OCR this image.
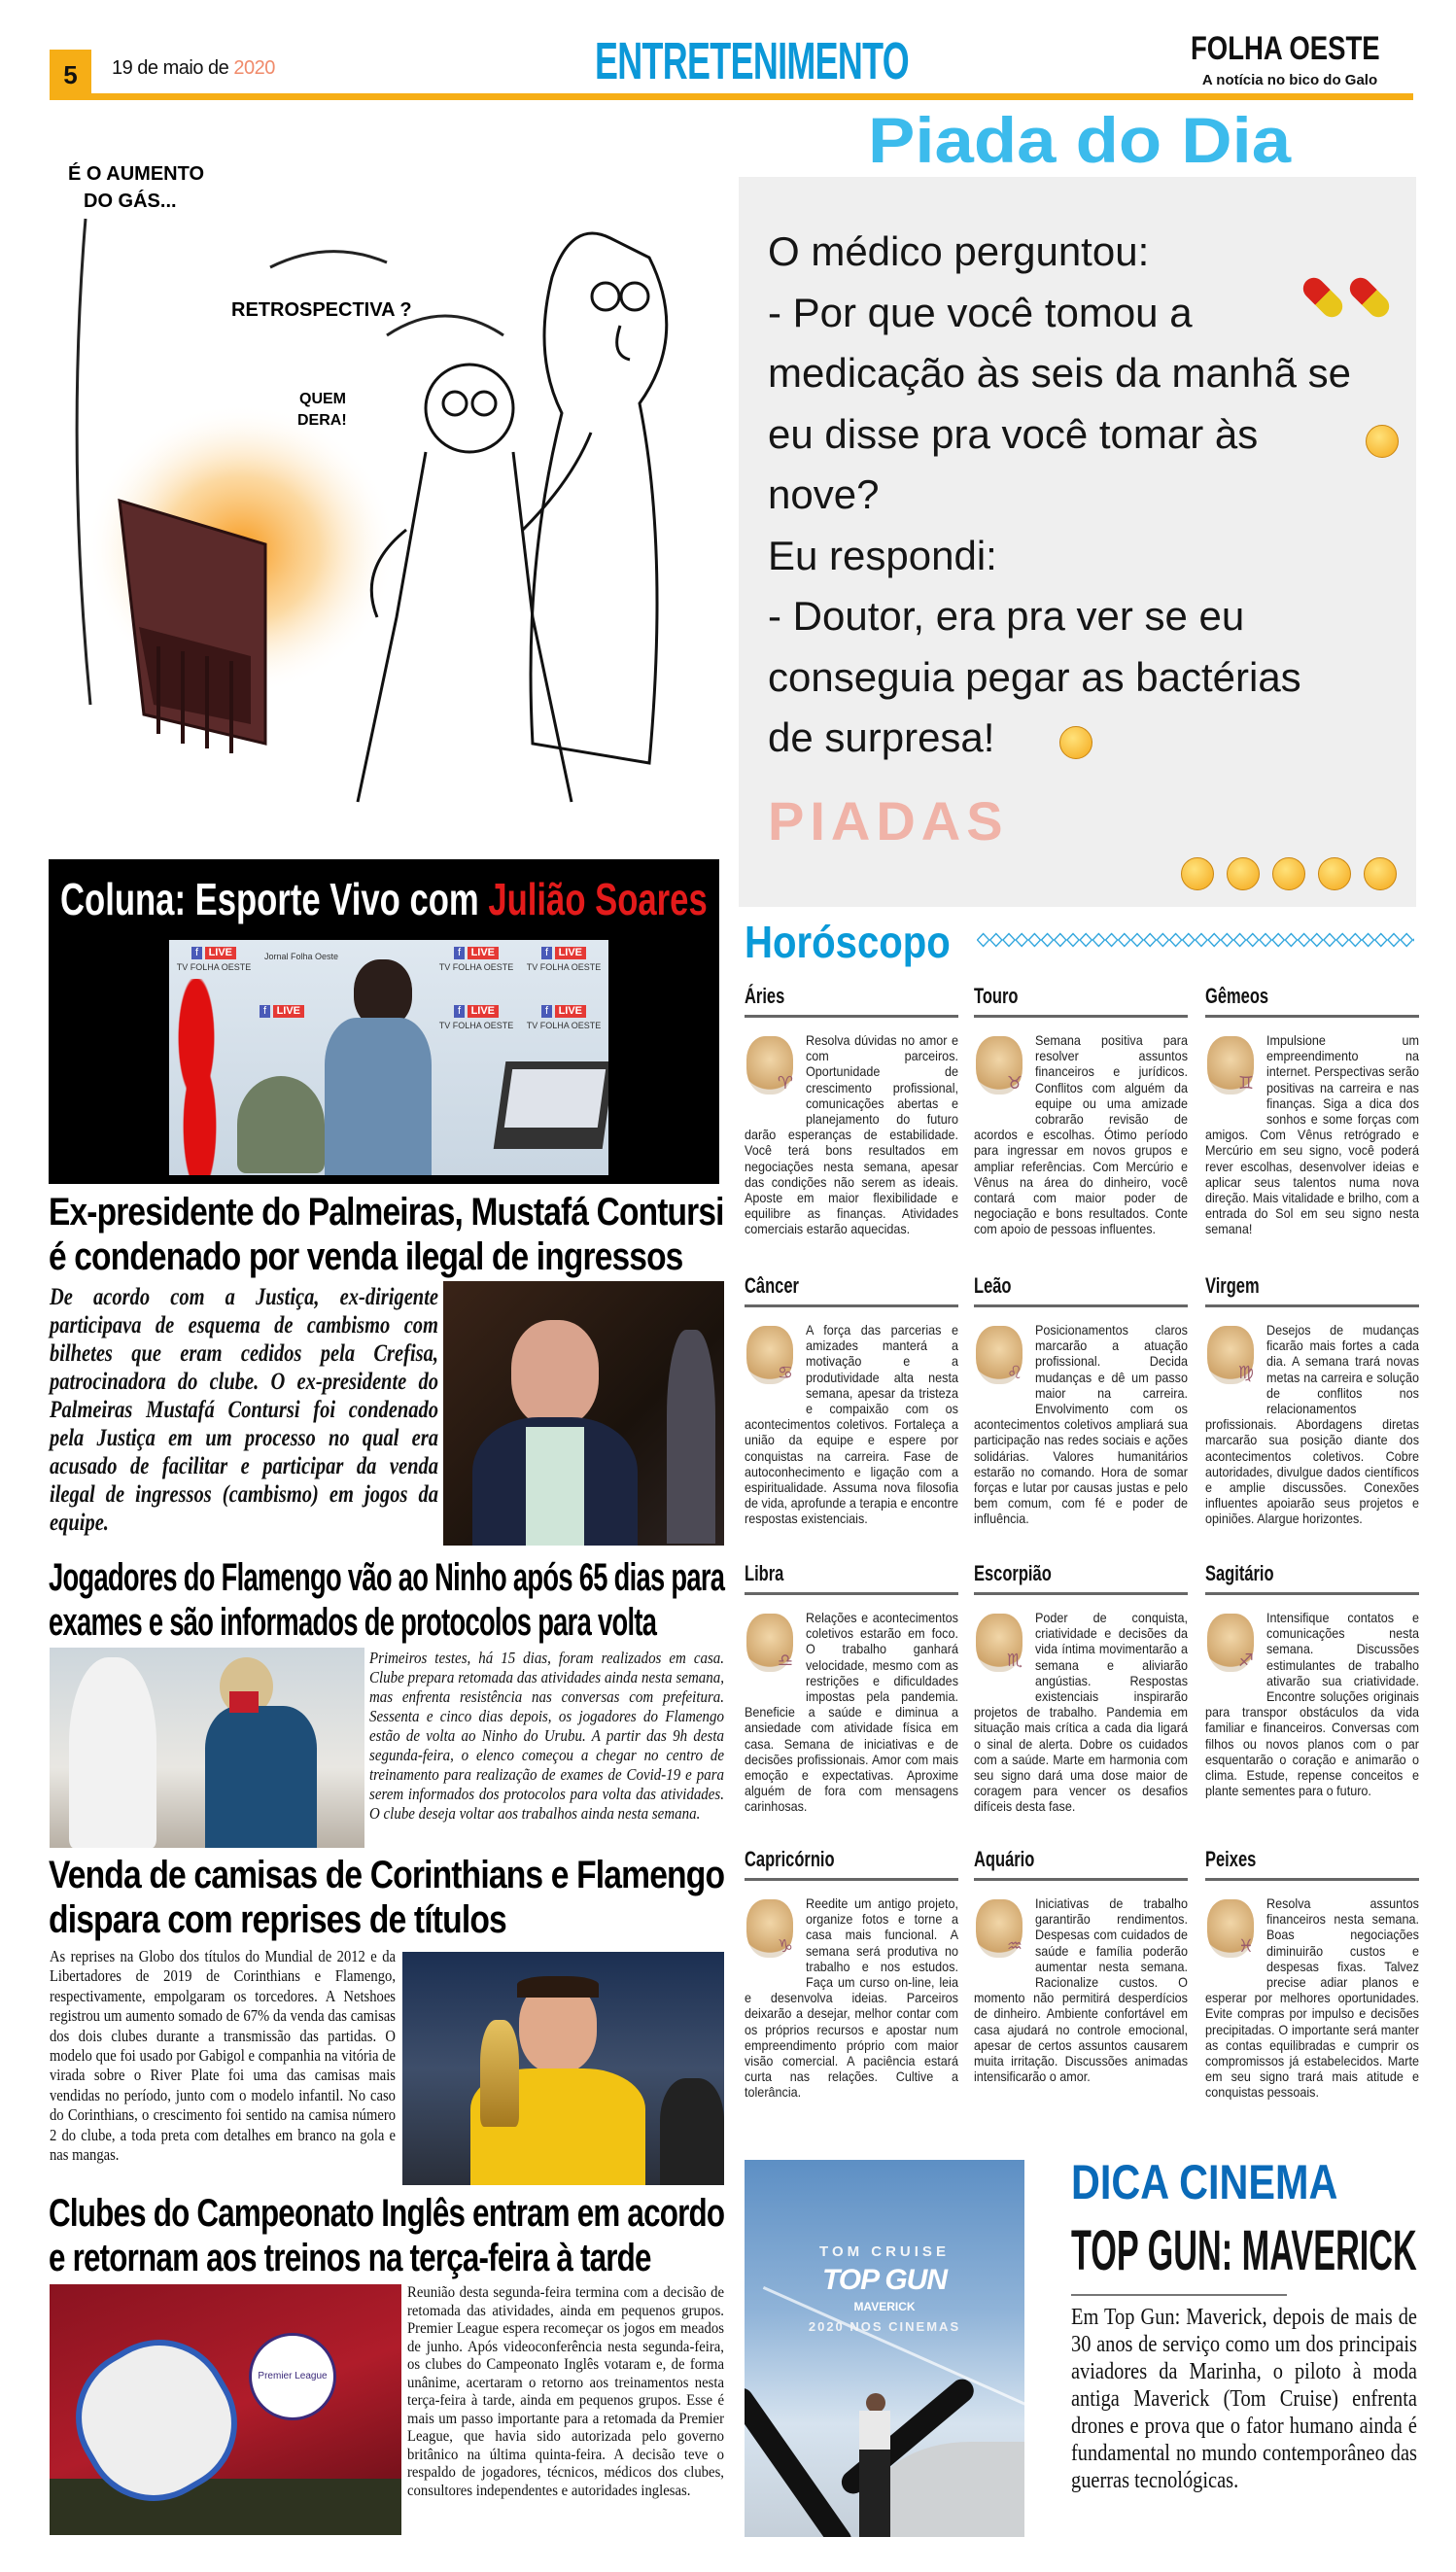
5	19 de maio de 2020	ENTRETENIMENTO	FOLHA OESTE
A notícia no bico do Galo
É O AUMENTO DO GÁS...
RETROSPECTIVA ?
QUEM DERA!
Piada do Dia
PIADAS
O médico perguntou:
- Por que você tomou a
medicação às seis da manhã se
eu disse pra você tomar às
nove?
Eu respondi:
- Doutor, era pra ver se eu
conseguia pegar as bactérias
de surpresa!
Coluna: Esporte Vivo com Julião Soares
f LIVE
TV FOLHA OESTE
Jornal Folha Oeste	f LIVE
TV FOLHA OESTE
f LIVE
TV FOLHA OESTE
f LIVE
TV FOLHA OESTE
f LIVE
TV FOLHA OESTE
f LIVE
Ex-presidente do Palmeiras, Mustafá Contursi
é condenado por venda ilegal de ingressos
De acordo com a Justiça, ex-dirigente participava de esquema de cambismo com bilhetes que eram cedidos pela Crefisa, patrocinadora do clube. O ex-presidente do Palmeiras Mustafá Contursi foi condenado pela Justiça em um processo no qual era acusado de facilitar e participar da venda ilegal de ingressos (cambismo) em jogos da equipe.
Jogadores do Flamengo vão ao Ninho após 65 dias para
exames e são informados de protocolos para volta
Primeiros testes, há 15 dias, foram realizados em casa. Clube prepara retomada das atividades ainda nesta semana, mas enfrenta resistência nas conversas com prefeitura. Sessenta e cinco dias depois, os jogadores do Flamengo estão de volta ao Ninho do Urubu. A partir das 9h desta segunda-feira, o elenco começou a chegar no centro de treinamento para realização de exames de Covid-19 e para serem informados dos protocolos para volta das atividades. O clube deseja voltar aos trabalhos ainda nesta semana.
Venda de camisas de Corinthians e Flamengo
dispara com reprises de títulos
As reprises na Globo dos títulos do Mundial de 2012 e da Libertadores de 2019 de Corinthians e Flamengo, respectivamente, empolgaram os torcedores. A Netshoes registrou um aumento somado de 67% da venda das camisas dos dois clubes durante a transmissão das partidas. O modelo que foi usado por Gabigol e companhia na vitória de virada sobre o River Plate foi uma das camisas mais vendidas no período, junto com o modelo infantil. No caso do Corinthians, o crescimento foi sentido na camisa número 2 do clube, a toda preta com detalhes em branco na gola e nas mangas.
Clubes do Campeonato Inglês entram em acordo
e retornam aos treinos na terça-feira à tarde
Premier League
Reunião desta segunda-feira termina com a decisão de retomada das atividades, ainda em pequenos grupos. Premier League espera recomeçar os jogos em meados de junho. Após videoconferência nesta segunda-feira, os clubes do Campeonato Inglês votaram e, de forma unânime, acertaram o retorno aos treinamentos nesta terça-feira à tarde, ainda em pequenos grupos. Esse é mais um passo importante para a retomada da Premier League, que havia sido autorizada pelo governo britânico na última quinta-feira. A decisão teve o respaldo de jogadores, técnicos, médicos dos clubes, consultores independentes e autoridades inglesas.
Horóscopo
Áries
♈
Resolva dúvidas no amor e com parceiros. Oportunidade de crescimento profissional, comunicações abertas e planejamento do futuro darão esperanças de estabilidade. Você terá bons resultados em negociações nesta semana, apesar das condições não serem as ideais. Aposte em maior flexibilidade e equilibre as finanças. Atividades comerciais estarão aquecidas.
Touro
♉
Semana positiva para resolver assuntos financeiros e jurídicos. Conflitos com alguém da equipe ou uma amizade cobrarão revisão de acordos e escolhas. Ótimo período para ingressar em novos grupos e ampliar referências. Com Mercúrio e Vênus na área do dinheiro, você contará com maior poder de negociação e bons resultados. Conte com apoio de pessoas influentes.
Gêmeos
♊
Impulsione um empreendimento na internet. Perspectivas serão positivas na carreira e nas finanças. Siga a dica dos sonhos e some forças com amigos. Com Vênus retrógrado e Mercúrio em seu signo, você poderá rever escolhas, desenvolver ideias e aplicar seus talentos numa nova direção. Mais vitalidade e brilho, com a entrada do Sol em seu signo nesta semana!
Câncer
♋
A força das parcerias e amizades manterá a motivação e a produtividade alta nesta semana, apesar da tristeza e compaixão com os acontecimentos coletivos. Fortaleça a união da equipe e espere por conquistas na carreira. Fase de autoconhecimento e ligação com a espiritualidade. Assuma nova filosofia de vida, aprofunde a terapia e encontre respostas existenciais.
Leão
♌
Posicionamentos claros marcarão a atuação profissional. Decida mudanças e dê um passo maior na carreira. Envolvimento com os acontecimentos coletivos ampliará sua participação nas redes sociais e ações solidárias. Valores humanitários estarão no comando. Hora de somar forças e lutar por causas justas e pelo bem comum, com fé e poder de influência.
Virgem
♍
Desejos de mudanças ficarão mais fortes a cada dia. A semana trará novas metas na carreira e solução de conflitos nos relacionamentos profissionais. Abordagens diretas marcarão sua posição diante dos acontecimentos coletivos. Cobre autoridades, divulgue dados científicos e amplie discussões. Conexões influentes apoiarão seus projetos e opiniões. Alargue horizontes.
Libra
♎
Relações e acontecimentos coletivos estarão em foco. O trabalho ganhará velocidade, mesmo com as restrições e dificuldades impostas pela pandemia. Beneficie a saúde e diminua a ansiedade com atividade física em casa. Semana de iniciativas e de decisões profissionais. Amor com mais emoção e expectativas. Aproxime alguém de fora com mensagens carinhosas.
Escorpião
♏
Poder de conquista, criatividade e decisões da vida íntima movimentarão a semana e aliviarão angústias. Respostas existenciais inspirarão projetos de trabalho. Pandemia em situação mais crítica a cada dia ligará o sinal de alerta. Dobre os cuidados com a saúde. Marte em harmonia com seu signo dará uma dose maior de coragem para vencer os desafios difíceis desta fase.
Sagitário
♐
Intensifique contatos e comunicações nesta semana. Discussões estimulantes de trabalho ativarão sua criatividade. Encontre soluções originais para transpor obstáculos da vida familiar e financeiros. Conversas com filhos ou novos planos com o par esquentarão o coração e animarão o clima. Estude, repense conceitos e plante sementes para o futuro.
Capricórnio
♑
Reedite um antigo projeto, organize fotos e torne a casa mais funcional. A semana será produtiva no trabalho e nos estudos. Faça um curso on-line, leia e desenvolva ideias. Parceiros deixarão a desejar, melhor contar com os próprios recursos e apostar num empreendimento próprio com maior visão comercial. A paciência estará curta nas relações. Cultive a tolerância.
Aquário
♒
Iniciativas de trabalho garantirão rendimentos. Despesas com cuidados de saúde e família poderão aumentar nesta semana. Racionalize custos. O momento não permitirá desperdícios de dinheiro. Ambiente confortável em casa ajudará no controle emocional, apesar de certos assuntos causarem muita irritação. Discussões animadas intensificarão o amor.
Peixes
♓
Resolva assuntos financeiros nesta semana. Boas negociações diminuirão custos e despesas fixas. Talvez precise adiar planos e esperar por melhores oportunidades. Evite compras por impulso e decisões precipitadas. O importante será manter as contas equilibradas e cumprir os compromissos já estabelecidos. Marte em seu signo trará mais atitude e conquistas pessoais.
TOM CRUISE
TOP GUN
MAVERICK
2020 NOS CINEMAS
DICA CINEMA
TOP GUN: MAVERICK
Em Top Gun: Maverick, depois de mais de 30 anos de serviço como um dos principais aviadores da Marinha, o piloto à moda antiga Maverick (Tom Cruise) enfrenta drones e prova que o fator humano ainda é fundamental no mundo contemporâneo das guerras tecnológicas.
